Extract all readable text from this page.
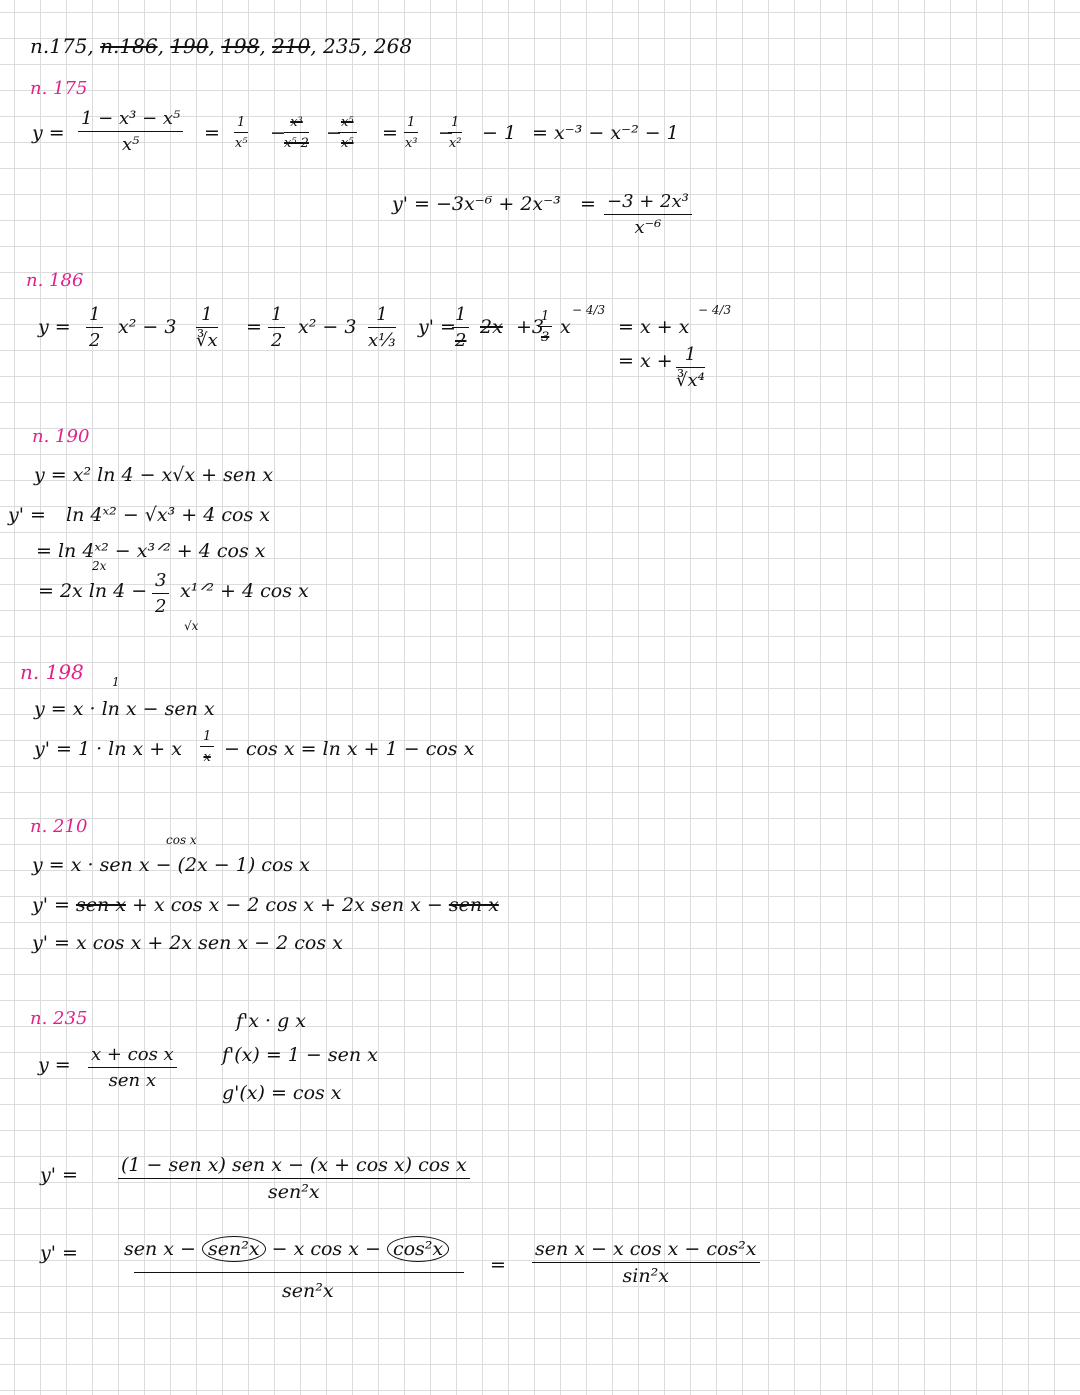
n.175, n.186, 190, 198, 210, 235, 268
n. 175
$y = \frac{\text{1 − x³ − x⁵}}{\text{x⁵}} = \frac{1}{\text{x⁵}}$ −
$\frac{\text{x³}}{\text{x⁵ 2}}$ −
$\frac{\text{x⁵}}{\text{x⁵}} = \frac{1}{\text{x³}}$ −
$\frac{1}{\text{x²}} - 1 = x^{-3} - x^{-2} - 1$
$y' = -3x^{-6} + 2x^{-3} = \frac{\text{−3 + 2x³}}{\text{x⁻⁶}}$
n. 186
$y = \frac{1}{2} x^2 - 3 \frac{1}{∛x} = \frac{1}{2} x^2 - 3 \frac{1}{\text{x⅓}} y'$ =
$\frac{1}{2} 2x +3$
$\frac{1}{3}$ x
− 4/3
= x + x
− 4/3
= $x + \frac{1}{\text{∛x⁴}}$
n. 190
y = x² ln 4 − x√x + sen x
y' = ln 4ˣ² − √x³ + 4 cos x
= ln 4ˣ² − x³ᐟ² + 4 cos x
2x
= 2x $\ln 4 - \frac{3}{2}$ x¹ᐟ² + 4 cos x
√x
n. 198 1
y = x · ln x − sen x
y' = 1 · ln x + x $\frac{1}{x} - \cos x = \ln x + 1 - \cos x$
n. 210
cos x
y = x · sen x − (2x − 1) cos x
y' = sen x + x cos x − 2 cos x + 2x sen x − sen x
y' = x cos x + 2x sen x − 2 cos x
n. 235	f'x · g x
y = x + cos x
sen x
f'(x) = 1 − sen x
g'(x) = cos x
y' = (1 − sen x) sen x − (x + cos x) cos x
sen²x
y' = sen x − sen²x − x cos x − cos²x
sen²x
=
sen x − x cos x − cos²x
sin²x
